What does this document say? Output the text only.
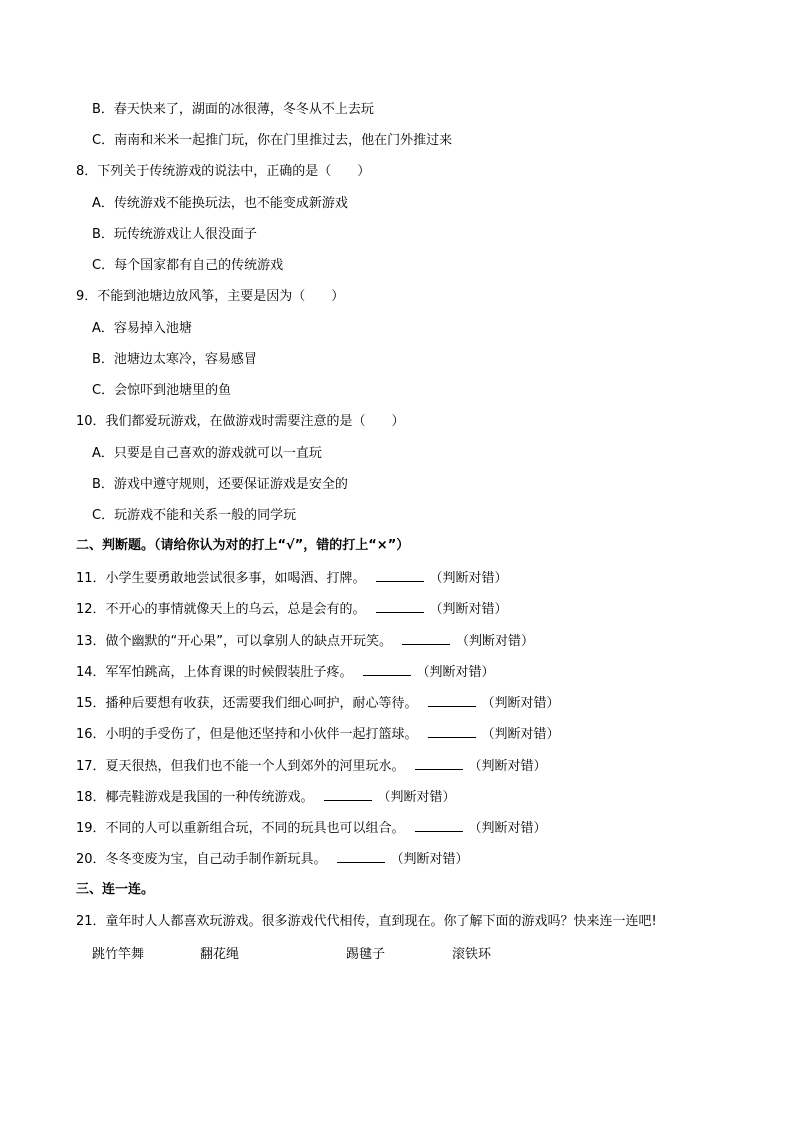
B．春天快来了，湖面的冰很薄，冬冬从不上去玩
C．南南和米米一起推门玩，你在门里推过去，他在门外推过来
8．下列关于传统游戏的说法中，正确的是（　　）
A．传统游戏不能换玩法，也不能变成新游戏
B．玩传统游戏让人很没面子
C．每个国家都有自己的传统游戏
9．不能到池塘边放风筝，主要是因为（　　）
A．容易掉入池塘
B．池塘边太寒冷，容易感冒
C．会惊吓到池塘里的鱼
10．我们都爱玩游戏，在做游戏时需要注意的是（　　）
A．只要是自己喜欢的游戏就可以一直玩
B．游戏中遵守规则，还要保证游戏是安全的
C．玩游戏不能和关系一般的同学玩
二、判断题。（请给你认为对的打上“√”，错的打上“×”）
11．小学生要勇敢地尝试很多事，如喝酒、打牌。	（判断对错）
12．不开心的事情就像天上的乌云，总是会有的。	（判断对错）
13．做个幽默的“开心果”，可以拿别人的缺点开玩笑。	（判断对错）
14．军军怕跳高，上体育课的时候假装肚子疼。	（判断对错）
15．播种后要想有收获，还需要我们细心呵护，耐心等待。	（判断对错）
16．小明的手受伤了，但是他还坚持和小伙伴一起打篮球。	（判断对错）
17．夏天很热，但我们也不能一个人到郊外的河里玩水。	（判断对错）
18．椰壳鞋游戏是我国的一种传统游戏。	（判断对错）
19．不同的人可以重新组合玩，不同的玩具也可以组合。	（判断对错）
20．冬冬变废为宝，自己动手制作新玩具。	（判断对错）
三、连一连。
21．童年时人人都喜欢玩游戏。很多游戏代代相传，直到现在。你了解下面的游戏吗？快来连一连吧!
跳竹竿舞	翻花绳	踢毽子	滚铁环
